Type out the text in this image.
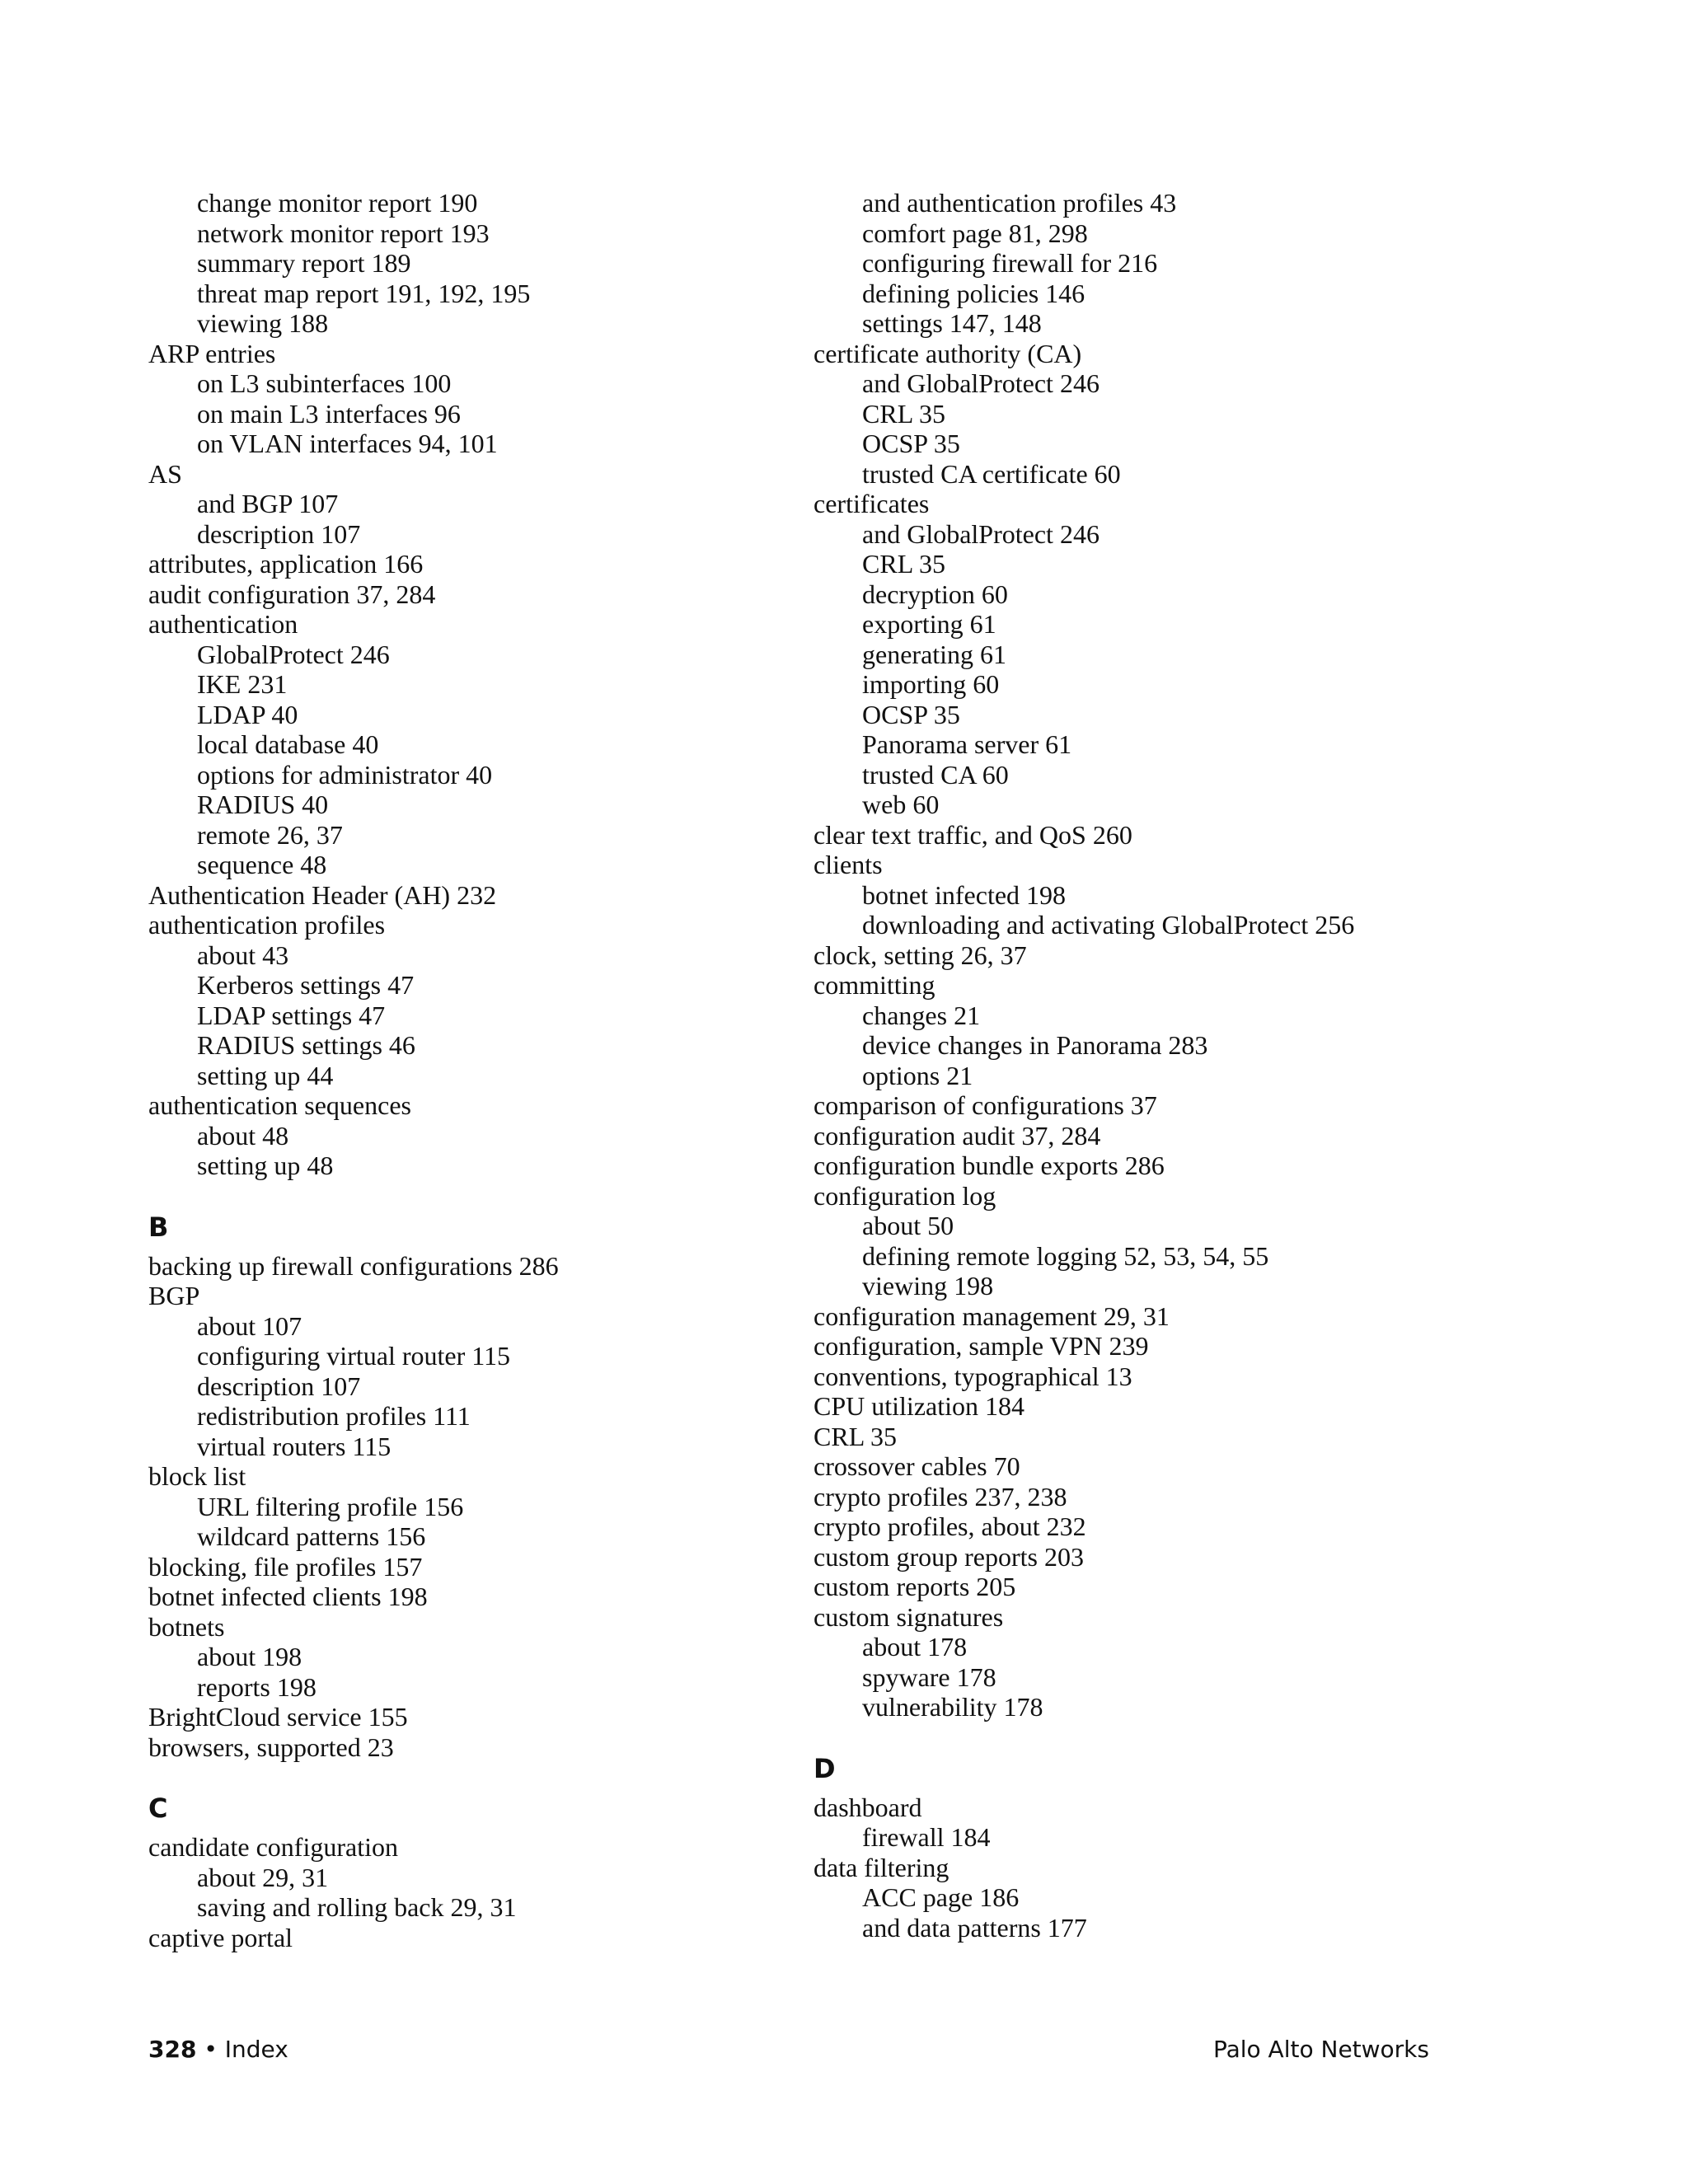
change monitor report 190
network monitor report 193
summary report 189
threat map report 191, 192, 195
viewing 188
ARP entries
on L3 subinterfaces 100
on main L3 interfaces 96
on VLAN interfaces 94, 101
AS
and BGP 107
description 107
attributes, application 166
audit configuration 37, 284
authentication
GlobalProtect 246
IKE 231
LDAP 40
local database 40
options for administrator 40
RADIUS 40
remote 26, 37
sequence 48
Authentication Header (AH) 232
authentication profiles
about 43
Kerberos settings 47
LDAP settings 47
RADIUS settings 46
setting up 44
authentication sequences
about 48
setting up 48
B
backing up firewall configurations 286
BGP
about 107
configuring virtual router 115
description 107
redistribution profiles 111
virtual routers 115
block list
URL filtering profile 156
wildcard patterns 156
blocking, file profiles 157
botnet infected clients 198
botnets
about 198
reports 198
BrightCloud service 155
browsers, supported 23
C
candidate configuration
about 29, 31
saving and rolling back 29, 31
captive portal
and authentication profiles 43
comfort page 81, 298
configuring firewall for 216
defining policies 146
settings 147, 148
certificate authority (CA)
and GlobalProtect 246
CRL 35
OCSP 35
trusted CA certificate 60
certificates
and GlobalProtect 246
CRL 35
decryption 60
exporting 61
generating 61
importing 60
OCSP 35
Panorama server 61
trusted CA 60
web 60
clear text traffic, and QoS 260
clients
botnet infected 198
downloading and activating GlobalProtect 256
clock, setting 26, 37
committing
changes 21
device changes in Panorama 283
options 21
comparison of configurations 37
configuration audit 37, 284
configuration bundle exports 286
configuration log
about 50
defining remote logging 52, 53, 54, 55
viewing 198
configuration management 29, 31
configuration, sample VPN 239
conventions, typographical 13
CPU utilization 184
CRL 35
crossover cables 70
crypto profiles 237, 238
crypto profiles, about 232
custom group reports 203
custom reports 205
custom signatures
about 178
spyware 178
vulnerability 178
D
dashboard
firewall 184
data filtering
ACC page 186
and data patterns 177
328 • Index	Palo Alto Networks
